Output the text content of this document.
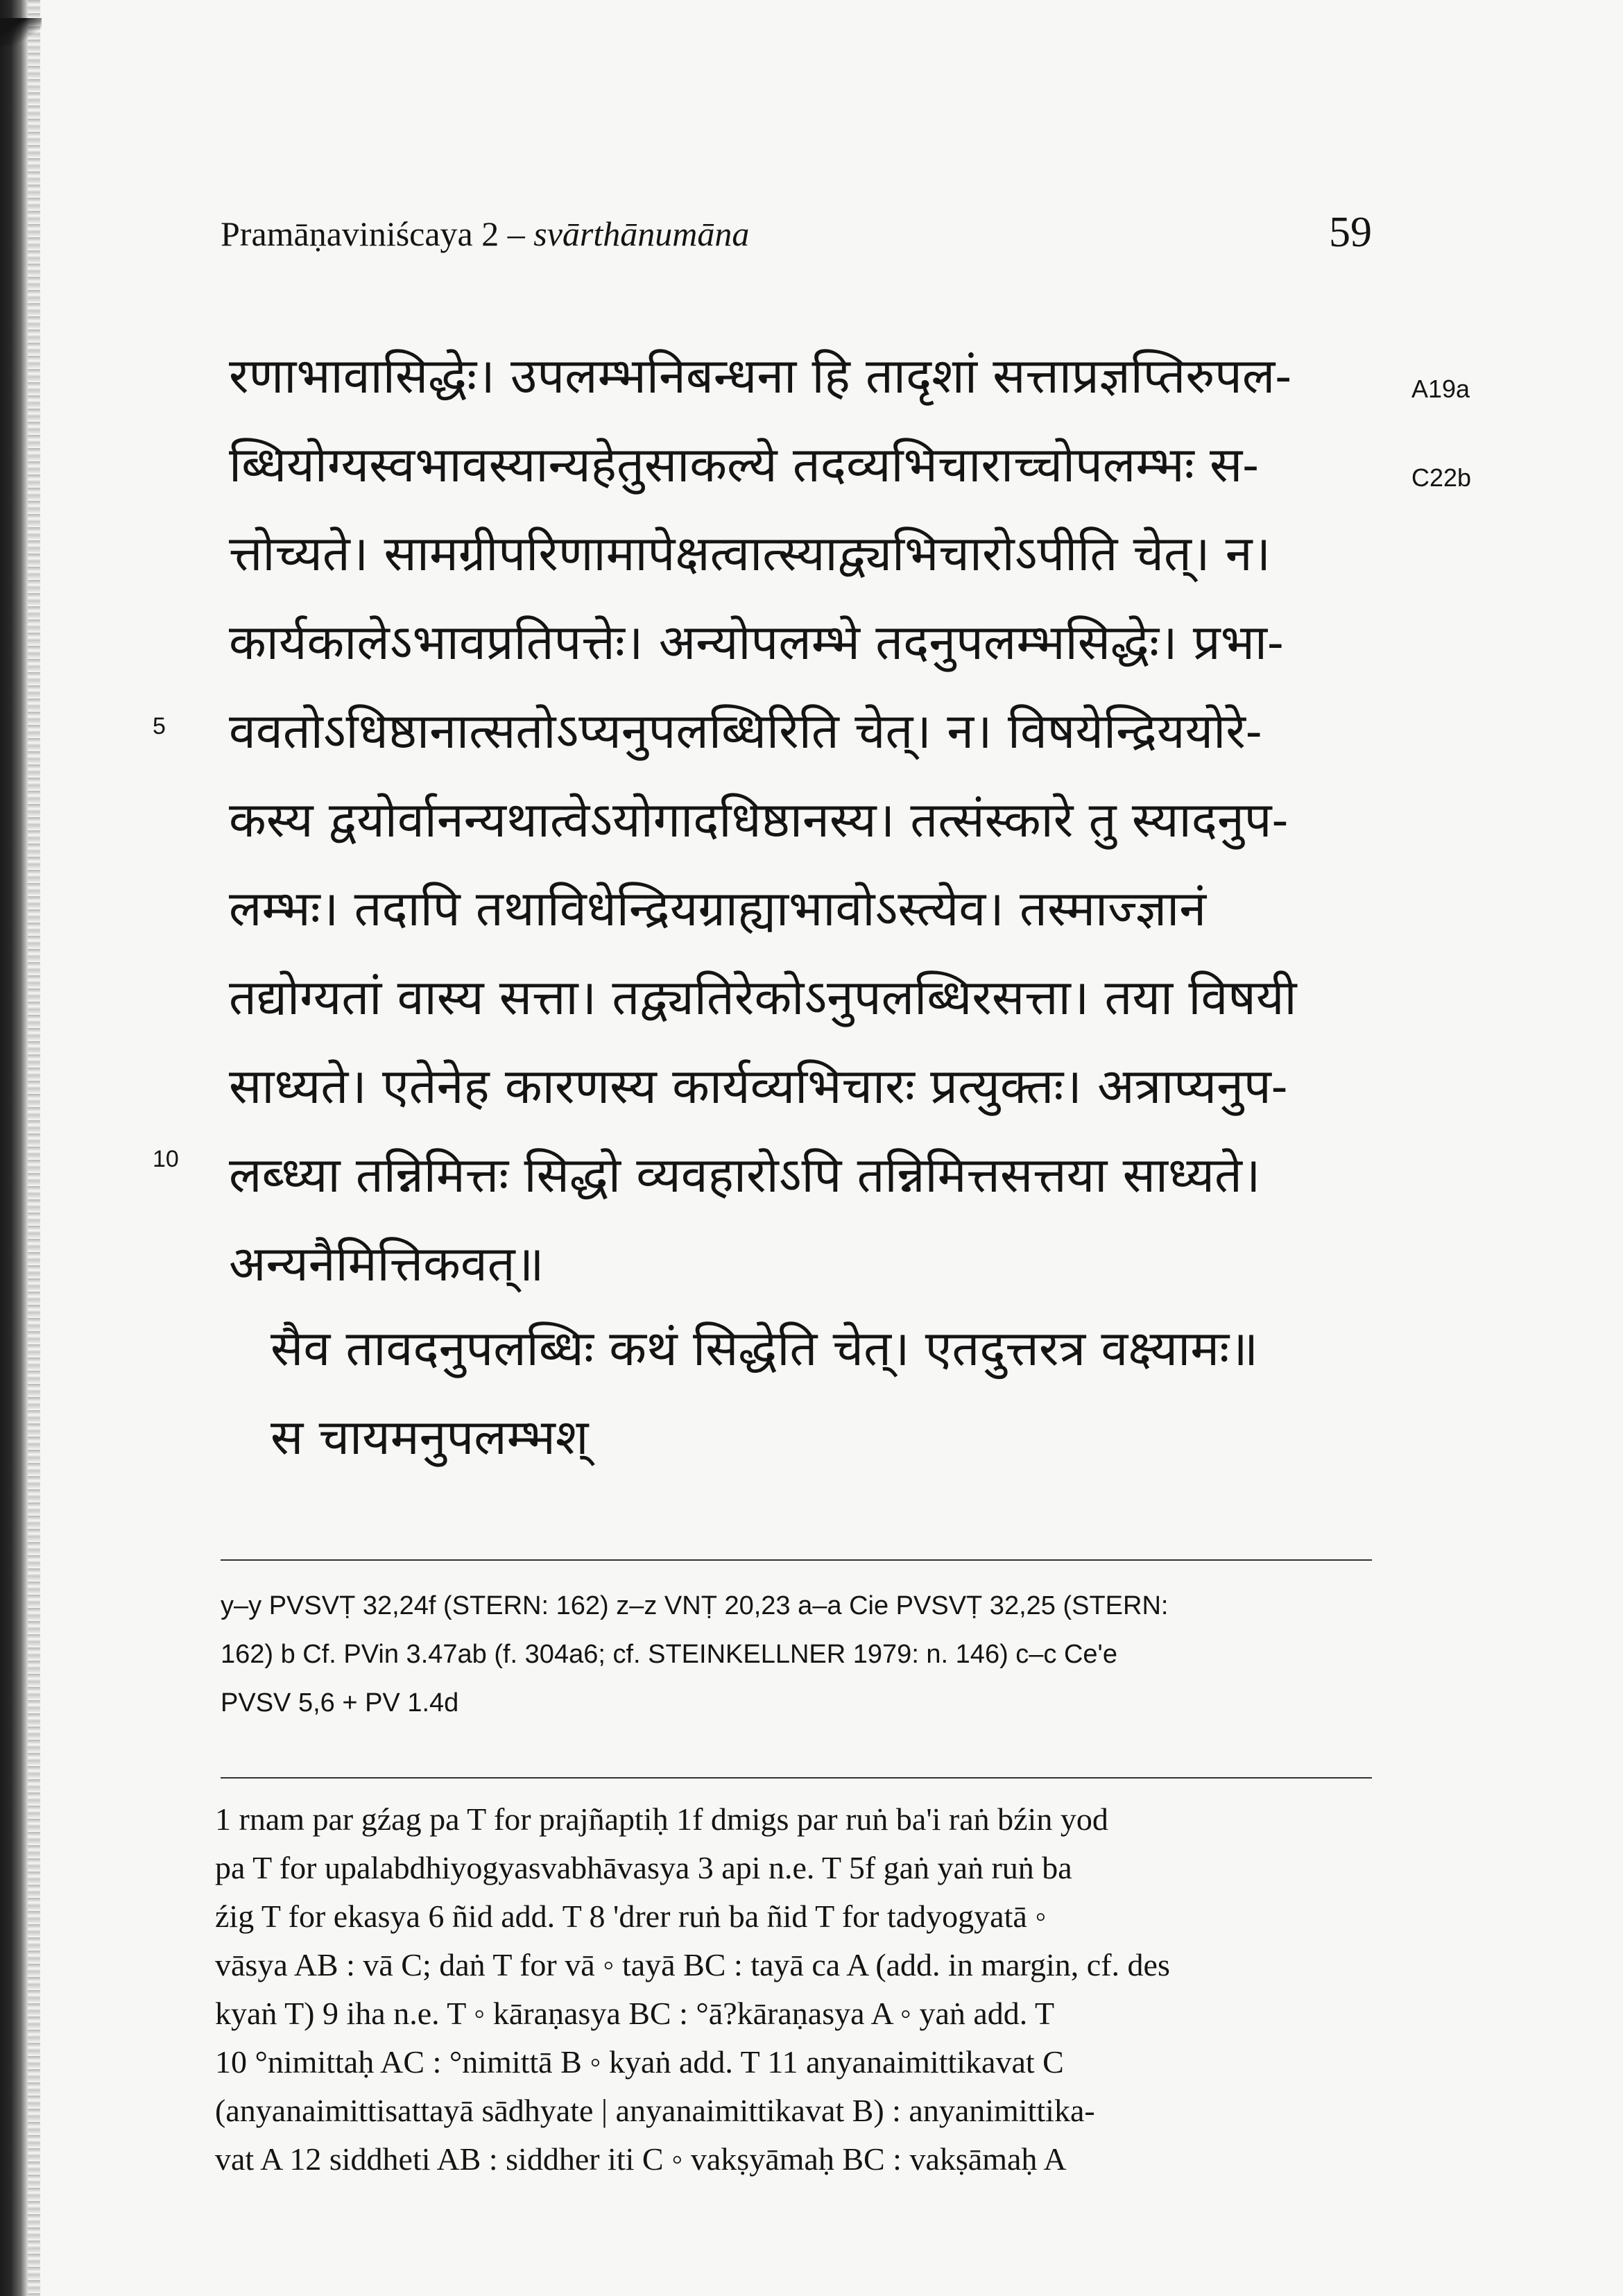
Pramāṇaviniścaya 2 – svārthānumāna	59
A19a
C22b
5
10
रणाभावासिद्धेः। उपलम्भनिबन्धना हि तादृशां सत्ताप्रज्ञप्तिरुपल-
ब्धियोग्यस्वभावस्यान्यहेतुसाकल्ये तदव्यभिचाराच्चोपलम्भः स-
त्तोच्यते। सामग्रीपरिणामापेक्षत्वात्स्याद्व्यभिचारोऽपीति चेत्। न।
कार्यकालेऽभावप्रतिपत्तेः। अन्योपलम्भे तदनुपलम्भसिद्धेः। प्रभा-
ववतोऽधिष्ठानात्सतोऽप्यनुपलब्धिरिति चेत्। न। विषयेन्द्रिययोरे-
कस्य द्वयोर्वानन्यथात्वेऽयोगादधिष्ठानस्य। तत्संस्कारे तु स्यादनुप-
लम्भः। तदापि तथाविधेन्द्रियग्राह्याभावोऽस्त्येव। तस्माज्ज्ञानं
तद्योग्यतां वास्य सत्ता। तद्व्यतिरेकोऽनुपलब्धिरसत्ता। तया विषयी
साध्यते। एतेनेह कारणस्य कार्यव्यभिचारः प्रत्युक्तः। अत्राप्यनुप-
लब्ध्या तन्निमित्तः सिद्धो व्यवहारोऽपि तन्निमित्तसत्तया साध्यते।
अन्यनैमित्तिकवत्॥
सैव तावदनुपलब्धिः कथं सिद्धेति चेत्। एतदुत्तरत्र वक्ष्यामः॥
स चायमनुपलम्भश्

y–y PVSVṬ 32,24f (STERN: 162) z–z VNṬ 20,23 a–a Cie PVSVṬ 32,25 (STERN:

162) b Cf. PVin 3.47ab (f. 304a6; cf. STEINKELLNER 1979: n. 146) c–c Ce'e

PVSV 5,6 + PV 1.4d

1 rnam par gźag pa T for prajñaptiḥ 1f dmigs par ruṅ ba'i raṅ bźin yod

pa T for upalabdhiyogyasvabhāvasya 3 api n.e. T 5f gaṅ yaṅ ruṅ ba

źig T for ekasya 6 ñid add. T 8 'drer ruṅ ba ñid T for tadyogyatā ◦

vāsya AB : vā C; daṅ T for vā ◦ tayā BC : tayā ca A (add. in margin, cf. des

kyaṅ T) 9 iha n.e. T ◦ kāraṇasya BC : °ā?kāraṇasya A ◦ yaṅ add. T

10 °nimittaḥ AC : °nimittā B ◦ kyaṅ add. T 11 anyanaimittikavat C

(anyanaimittisattayā sādhyate | anyanaimittikavat B) : anyanimittika-

vat A 12 siddheti AB : siddher iti C ◦ vakṣyāmaḥ BC : vakṣāmaḥ A
